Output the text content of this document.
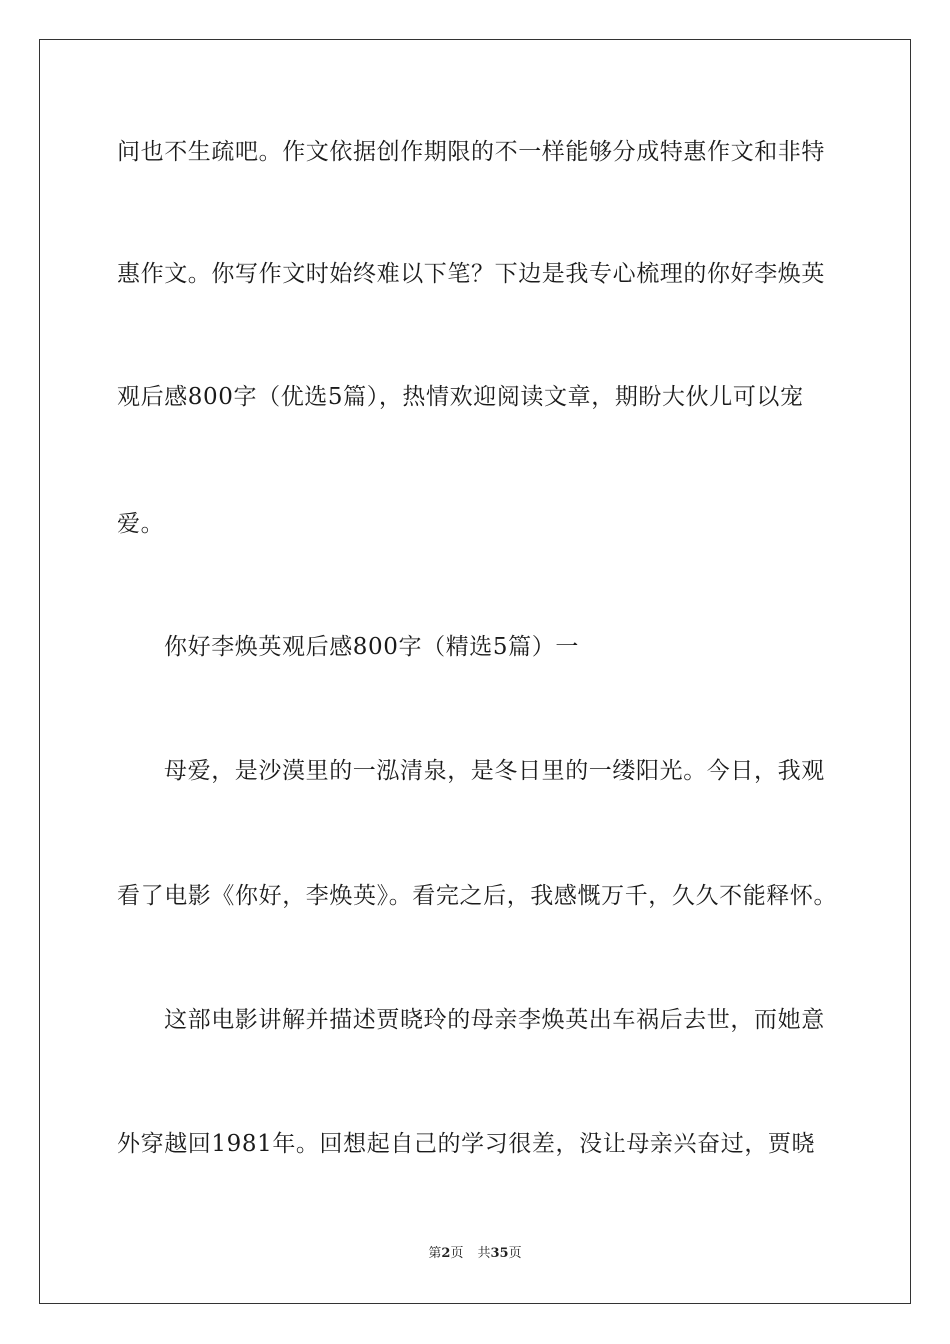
问也不生疏吧。作文依据创作期限的不一样能够分成特惠作文和非特
惠作文。你写作文时始终难以下笔？下边是我专心梳理的你好李焕英
观后感800字（优选5篇），热情欢迎阅读文章，期盼大伙儿可以宠
爱。
你好李焕英观后感800字（精选5篇）一
母爱，是沙漠里的一泓清泉，是冬日里的一缕阳光。今日，我观
看了电影《你好，李焕英》。看完之后，我感慨万千，久久不能释怀。
这部电影讲解并描述贾晓玲的母亲李焕英出车祸后去世，而她意
外穿越回1981年。回想起自己的学习很差，没让母亲兴奋过，贾晓
第2页 共35页
